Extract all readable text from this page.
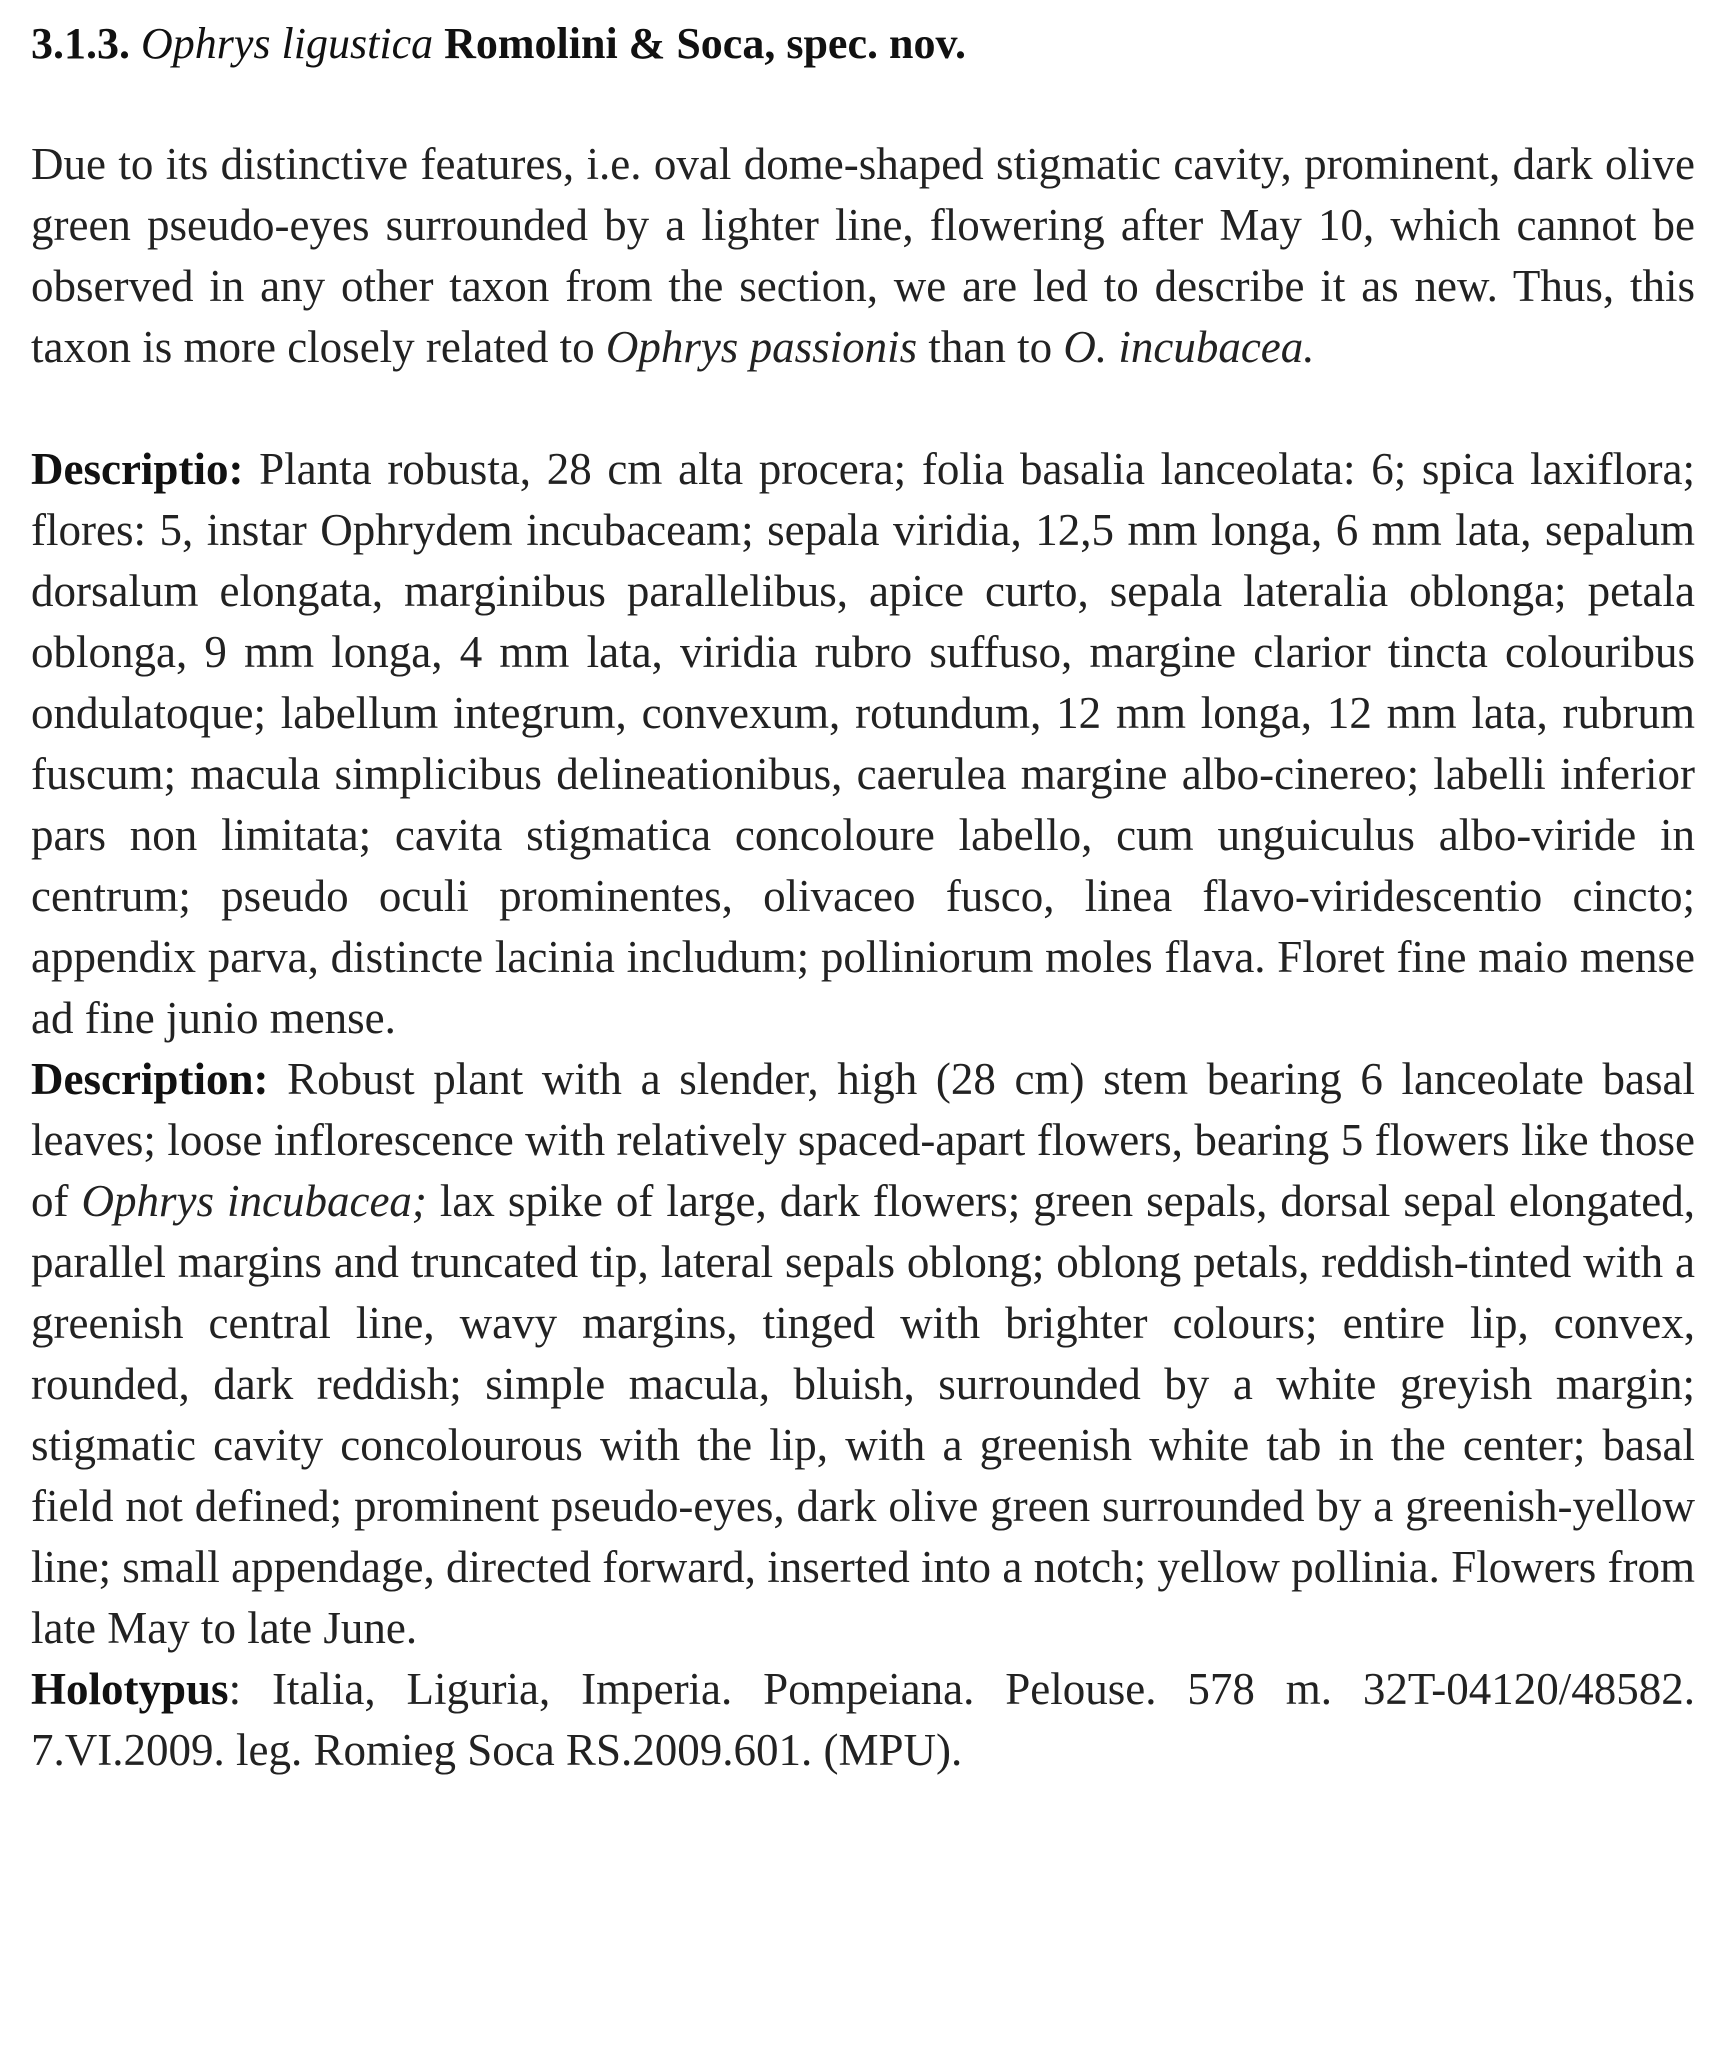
3.1.3. Ophrys ligustica Romolini & Soca, spec. nov.

Due to its distinctive features, i.e. oval dome-shaped stigmatic cavity, prominent, dark olive green pseudo-eyes surrounded by a lighter line, flowering after May 10, which cannot be observed in any other taxon from the section, we are led to describe it as new. Thus, this taxon is more closely related to Ophrys passionis than to O. incubacea.

Descriptio: Planta robusta, 28 cm alta procera; folia basalia lanceolata: 6; spica laxiflora; flores: 5, instar Ophrydem incubaceam; sepala viridia, 12,5 mm longa, 6 mm lata, sepalum dorsalum elongata, marginibus parallelibus, apice curto, sepala lateralia oblonga; petala oblonga, 9 mm longa, 4 mm lata, viridia rubro suffuso, margine clarior tincta colouribus ondulatoque; labellum integrum, convexum, rotundum, 12 mm longa, 12 mm lata, rubrum fuscum; macula simplicibus delineationibus, caerulea margine albo-cinereo; labelli inferior pars non limitata; cavita stigmatica concoloure labello, cum unguiculus albo-viride in centrum; pseudo oculi prominentes, olivaceo fusco, linea flavo-viridescentio cincto; appendix parva, distincte lacinia includum; polliniorum moles flava. Floret fine maio mense ad fine junio mense.

Description: Robust plant with a slender, high (28 cm) stem bearing 6 lanceolate basal leaves; loose inflorescence with relatively spaced-apart flowers, bearing 5 flowers like those of Ophrys incubacea; lax spike of large, dark flowers; green sepals, dorsal sepal elongated, parallel margins and truncated tip, lateral sepals oblong; oblong petals, reddish-tinted with a greenish central line, wavy margins, tinged with brighter colours; entire lip, convex, rounded, dark reddish; simple macula, bluish, surrounded by a white greyish margin; stigmatic cavity concolourous with the lip, with a greenish white tab in the center; basal field not defined; prominent pseudo-eyes, dark olive green surrounded by a greenish-yellow line; small appendage, directed forward, inserted into a notch; yellow pollinia. Flowers from late May to late June.

Holotypus: Italia, Liguria, Imperia. Pompeiana. Pelouse. 578 m. 32T-04120/48582. 7.VI.2009. leg. Romieg Soca RS.2009.601. (MPU).
